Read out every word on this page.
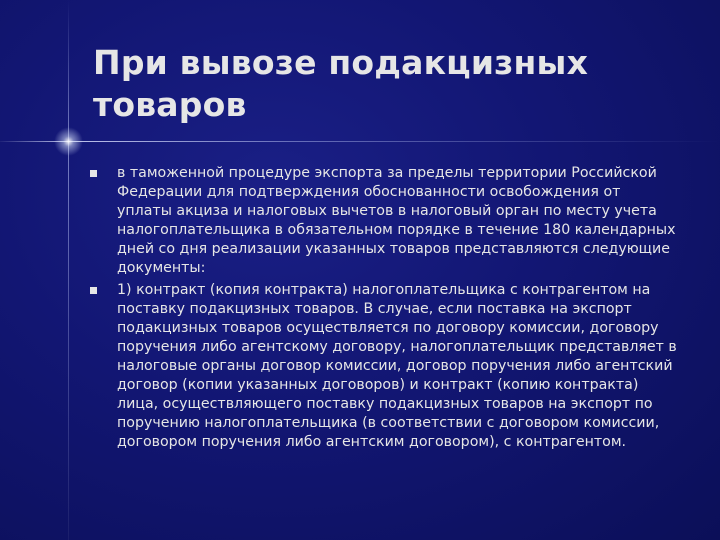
При вывозе подакцизных товаров
в таможенной процедуре экспорта за пределы территории Российской Федерации для подтверждения обоснованности освобождения от уплаты акциза и налоговых вычетов в налоговый орган по месту учета налогоплательщика в обязательном порядке в течение 180 календарных дней со дня реализации указанных товаров представляются следующие документы:
1) контракт (копия контракта) налогоплательщика с контрагентом на поставку подакцизных товаров. В случае, если поставка на экспорт подакцизных товаров осуществляется по договору комиссии, договору поручения либо агентскому договору, налогоплательщик представляет в налоговые органы договор комиссии, договор поручения либо агентский договор (копии указанных договоров) и контракт (копию контракта) лица, осуществляющего поставку подакцизных товаров на экспорт по поручению налогоплательщика (в соответствии с договором комиссии, договором поручения либо агентским договором), с контрагентом.
